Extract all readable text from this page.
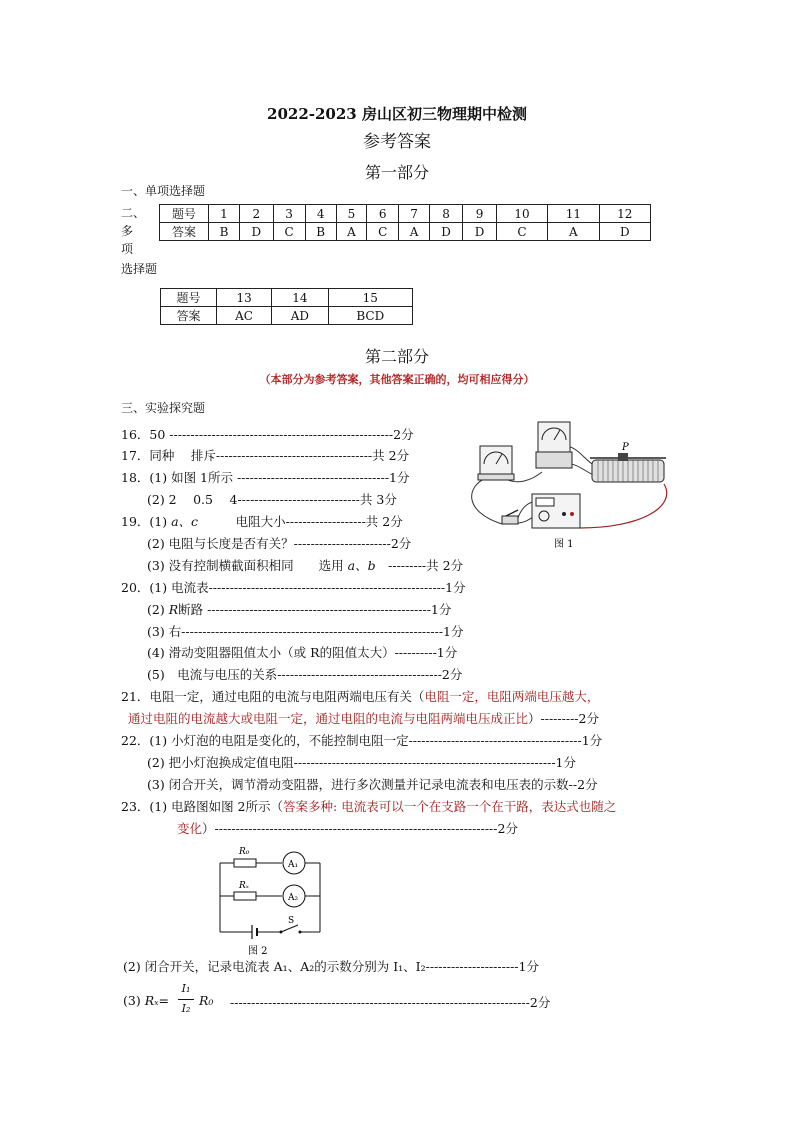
2022-2023 房山区初三物理期中检测
参考答案
第一部分
一、单项选择题
二、
多
项
选择题
题号	1	2	3	4	5	6	7	8	9	10	11	12
答案	B	D	C	B	A	C	A	D	D	C	A	D
题号	13	14	15
答案	AC	AD	BCD
第二部分
（本部分为参考答案，其他答案正确的，均可相应得分）
三、实验探究题
16．50 -----------------------------------------------------2分
17．同种　 排斥-------------------------------------共 2分
18．(1) 如图 1所示 ------------------------------------1分
(2) 2　 0.5　 4-----------------------------共 3分
19．(1) a、c　　　电阻大小-------------------共 2分
(2) 电阻与长度是否有关？-----------------------2分
(3) 没有控制横截面积相同　　选用 a、b　---------共 2分
20．(1) 电流表--------------------------------------------------------1分
(2) R断路 -----------------------------------------------------1分
(3) 右--------------------------------------------------------------1分
(4) 滑动变阻器阻值太小（或 R的阻值太大）----------1分
(5)　电流与电压的关系---------------------------------------2分
21．电阻一定，通过电阻的电流与电阻两端电压有关（电阻一定，电阻两端电压越大，
通过电阻的电流越大或电阻一定，通过电阻的电流与电阻两端电压成正比）---------2分
22．(1) 小灯泡的电阻是变化的，不能控制电阻一定-----------------------------------------1分
(2) 把小灯泡换成定值电阻--------------------------------------------------------------1分
(3) 闭合开关，调节滑动变阻器，进行多次测量并记录电流表和电压表的示数--2分
23．(1) 电路图如图 2所示（答案多种: 电流表可以一个在支路一个在干路，表达式也随之
变化）-------------------------------------------------------------------2分
(2) 闭合开关，记录电流表 A₁、A₂的示数分别为 I₁、I₂----------------------1分
(3) Rₓ=
I₁
I₂
R₀ -----------------------------------------------------------------------2分
P
图 1
R₀
A₁
Rₓ
A₂
S
图 2
